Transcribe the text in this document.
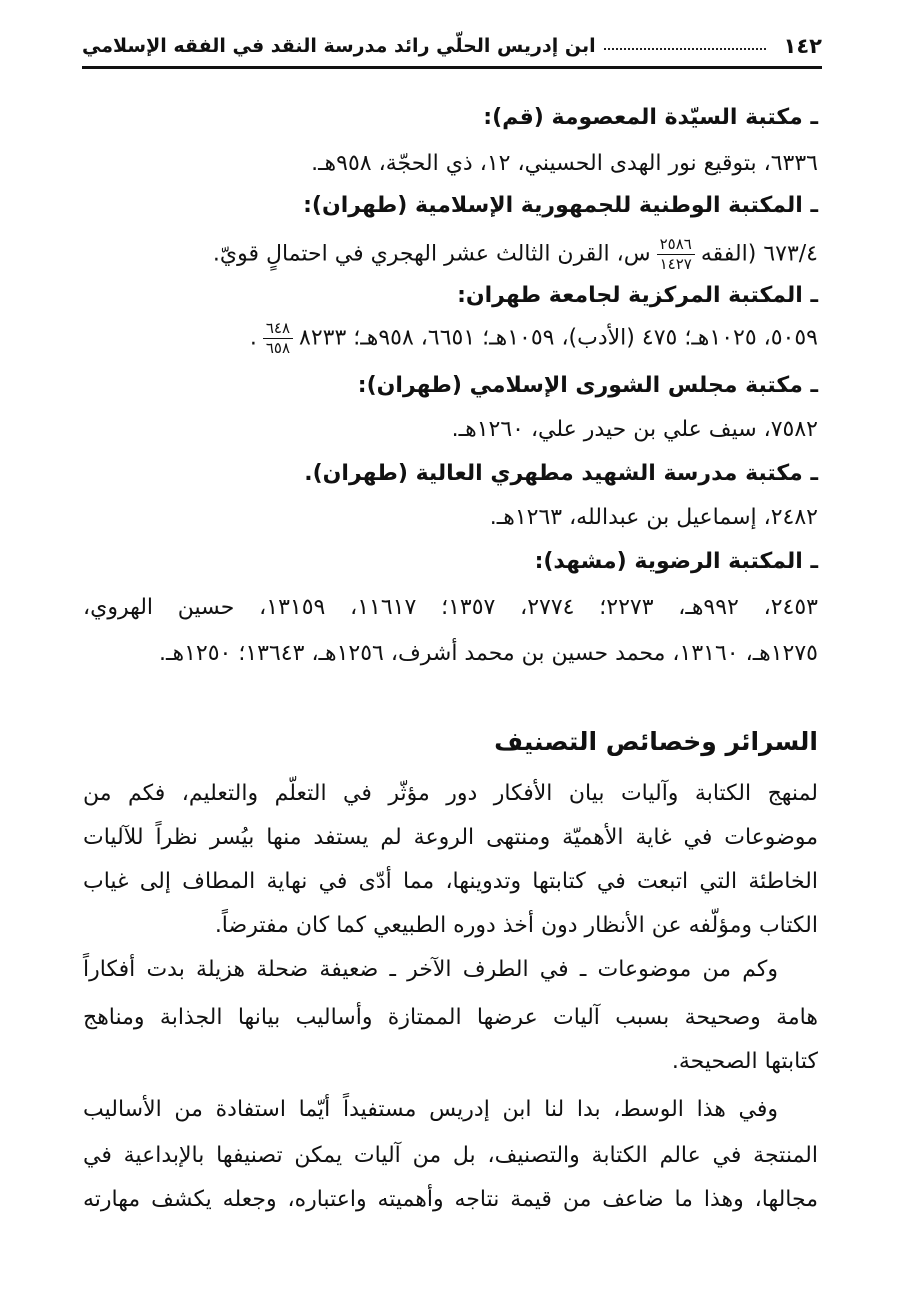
١٤٢
ابن إدريس الحلّي رائد مدرسة النقد في الفقه الإسلامي
ـ مكتبة السيّدة المعصومة (قم):
٦٣٣٦، بتوقيع نور الهدى الحسيني، ١٢، ذي الحجّة، ٩٥٨هـ.
ـ المكتبة الوطنية للجمهورية الإسلامية (طهران):
٦٧٣/٤ (الفقه
$\frac{٢٥٨٦}{١٤٢٧}$
س، القرن الثالث عشر الهجري في احتمالٍ قويّ.
ـ المكتبة المركزية لجامعة طهران:
٥٠٥٩، ١٠٢٥هـ؛ ٤٧٥ (الأدب)، ١٠٥٩هـ؛ ٦٦٥١، ٩٥٨هـ؛ ٨٢٣٣
$\frac{٦٤٨}{٦٥٨}$
.
ـ مكتبة مجلس الشورى الإسلامي (طهران):
٧٥٨٢، سيف علي بن حيدر علي، ١٢٦٠هـ.
ـ مكتبة مدرسة الشهيد مطهري العالية (طهران).
٢٤٨٢، إسماعيل بن عبدالله، ١٢٦٣هـ.
ـ المكتبة الرضوية (مشهد):
٢٤٥٣، ٩٩٢هـ، ٢٢٧٣؛ ٢٧٧٤، ١٣٥٧؛ ١١٦١٧، ١٣١٥٩، حسين الهروي،
١٢٧٥هـ، ١٣١٦٠، محمد حسين بن محمد أشرف، ١٢٥٦هـ، ١٣٦٤٣؛ ١٢٥٠هـ.
السرائر وخصائص التصنيف
لمنهج الكتابة وآليات بيان الأفكار دور مؤثّر في التعلّم والتعليم، فكم من
موضوعات في غاية الأهميّة ومنتهى الروعة لم يستفد منها بيُسر نظراً للآليات
الخاطئة التي اتبعت في كتابتها وتدوينها، مما أدّى في نهاية المطاف إلى غياب
الكتاب ومؤلّفه عن الأنظار دون أخذ دوره الطبيعي كما كان مفترضاً.
وكم من موضوعات ـ في الطرف الآخر ـ ضعيفة ضحلة هزيلة بدت أفكاراً
هامة وصحيحة بسبب آليات عرضها الممتازة وأساليب بيانها الجذابة ومناهج
كتابتها الصحيحة.
وفي هذا الوسط، بدا لنا ابن إدريس مستفيداً أيّما استفادة من الأساليب
المنتجة في عالم الكتابة والتصنيف، بل من آليات يمكن تصنيفها بالإبداعية في
مجالها، وهذا ما ضاعف من قيمة نتاجه وأهميته واعتباره، وجعله يكشف مهارته
